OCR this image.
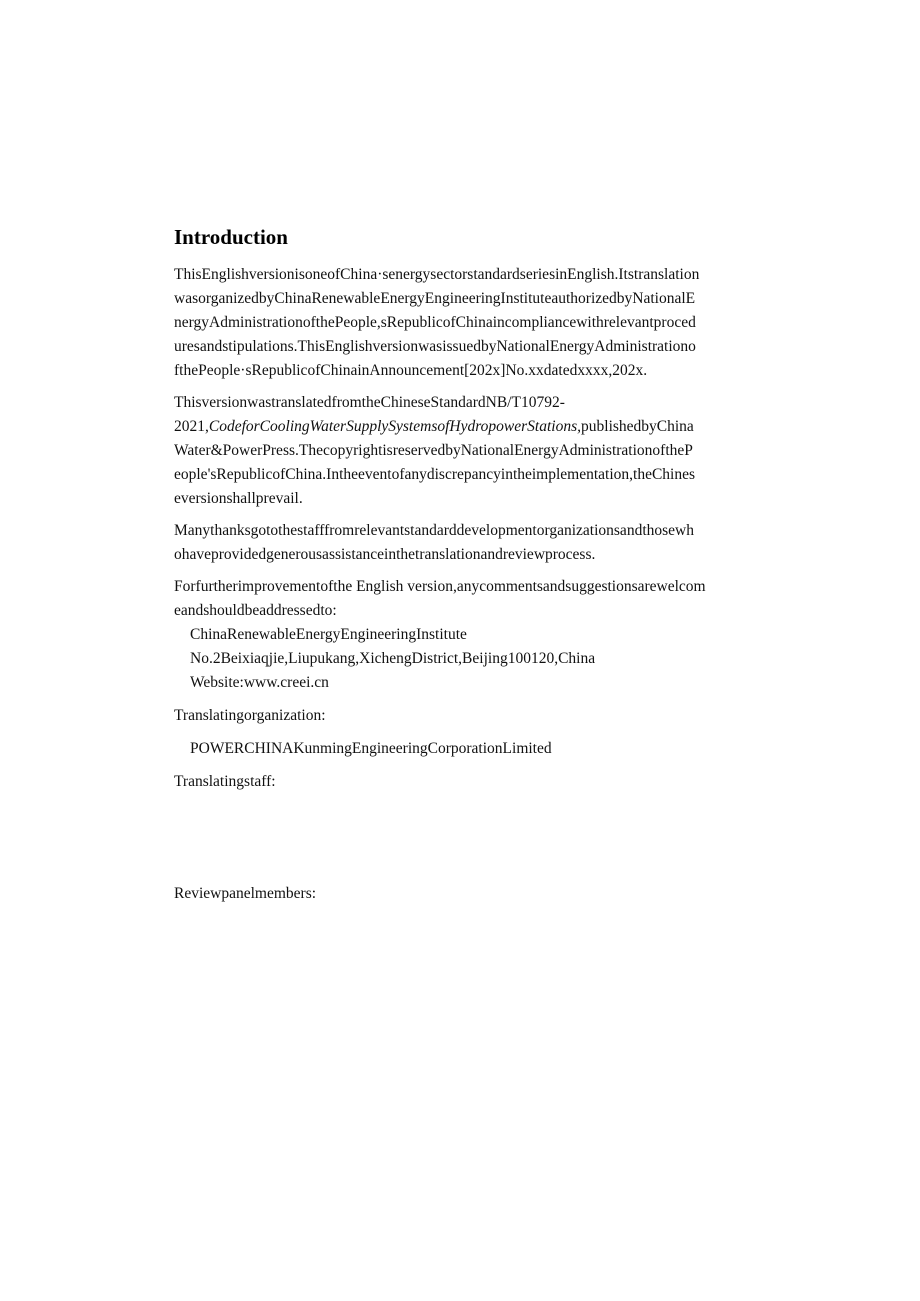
Introduction
ThisEnglishversionisoneofChina·senergysectorstandardseriesinEnglish.Itstranslation
wasorganizedbyChinaRenewableEnergyEngineeringInstituteauthorizedbyNationalE
nergyAdministrationofthePeople,sRepublicofChinaincompliancewithrelevantproced
uresandstipulations.ThisEnglishversionwasissuedbyNationalEnergyAdministrationo
fthePeople·sRepublicofChinainAnnouncement[202x]No.xxdatedxxxx,202x.
ThisversionwastranslatedfromtheChineseStandardNB/T10792-
2021,CodeforCoolingWaterSupplySystemsofHydropowerStations,publishedbyChina
Water&PowerPress.ThecopyrightisreservedbyNationalEnergyAdministrationoftheP
eople'sRepublicofChina.Intheeventofanydiscrepancyintheimplementation,theChines
eversionshallprevail.
Manythanksgotothestafffromrelevantstandarddevelopmentorganizationsandthosewh
ohaveprovidedgenerousassistanceinthetranslationandreviewprocess.
Forfurtherimprovementofthe English version,anycommentsandsuggestionsarewelcom
eandshouldbeaddressedto:
ChinaRenewableEnergyEngineeringInstitute
No.2Beixiaqjie,Liupukang,XichengDistrict,Beijing100120,China
Website:www.creei.cn
Translatingorganization:
POWERCHINAKunmingEngineeringCorporationLimited
Translatingstaff:
Reviewpanelmembers:
